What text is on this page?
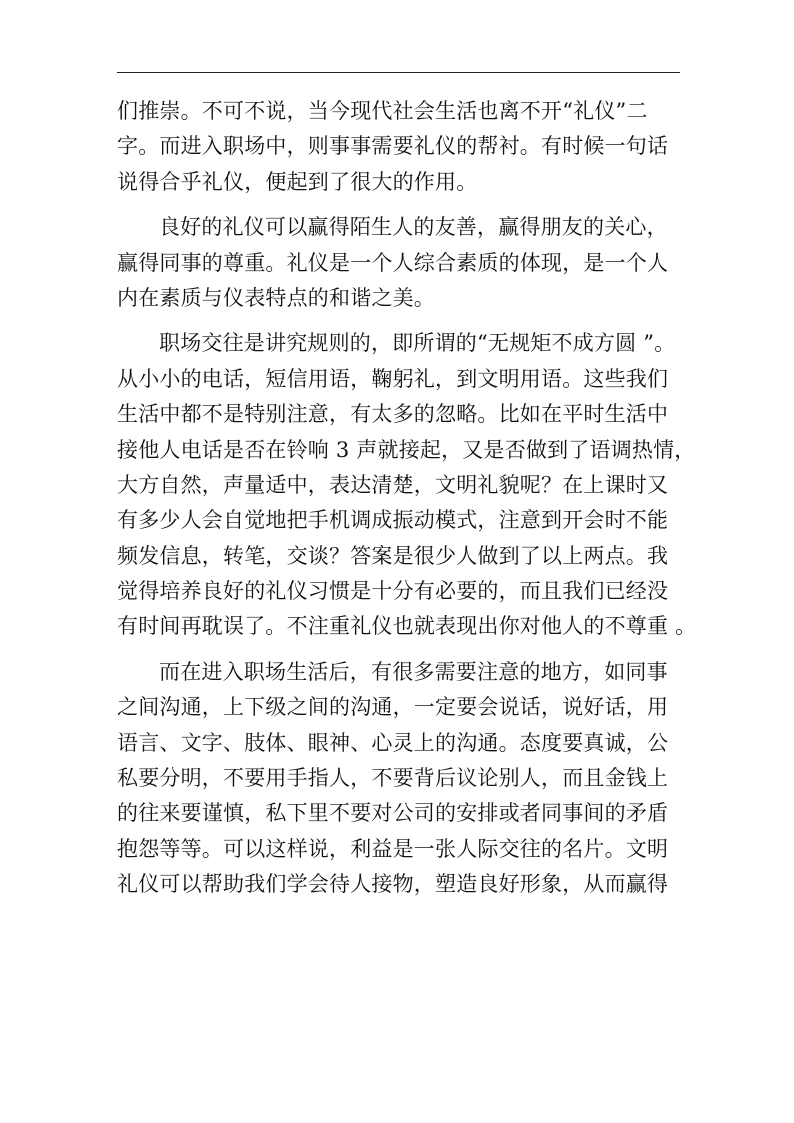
们推崇。不可不说，当今现代社会生活也离不开“礼仪”二
字。而进入职场中，则事事需要礼仪的帮衬。有时候一句话
说得合乎礼仪，便起到了很大的作用。
良好的礼仪可以赢得陌生人的友善，赢得朋友的关心，
赢得同事的尊重。礼仪是一个人综合素质的体现，是一个人
内在素质与仪表特点的和谐之美。
职场交往是讲究规则的，即所谓的“无规矩不成方圆 ”。
从小小的电话，短信用语，鞠躬礼，到文明用语。这些我们
生活中都不是特别注意，有太多的忽略。比如在平时生活中
接他人电话是否在铃响 3 声就接起，又是否做到了语调热情，
大方自然，声量适中，表达清楚，文明礼貌呢？在上课时又
有多少人会自觉地把手机调成振动模式，注意到开会时不能
频发信息，转笔，交谈？答案是很少人做到了以上两点。我
觉得培养良好的礼仪习惯是十分有必要的，而且我们已经没
有时间再耽误了。不注重礼仪也就表现出你对他人的不尊重 。
而在进入职场生活后，有很多需要注意的地方，如同事
之间沟通，上下级之间的沟通，一定要会说话，说好话，用
语言、文字、肢体、眼神、心灵上的沟通。态度要真诚，公
私要分明，不要用手指人，不要背后议论别人，而且金钱上
的往来要谨慎，私下里不要对公司的安排或者同事间的矛盾
抱怨等等。可以这样说，利益是一张人际交往的名片。文明
礼仪可以帮助我们学会待人接物，塑造良好形象，从而赢得
